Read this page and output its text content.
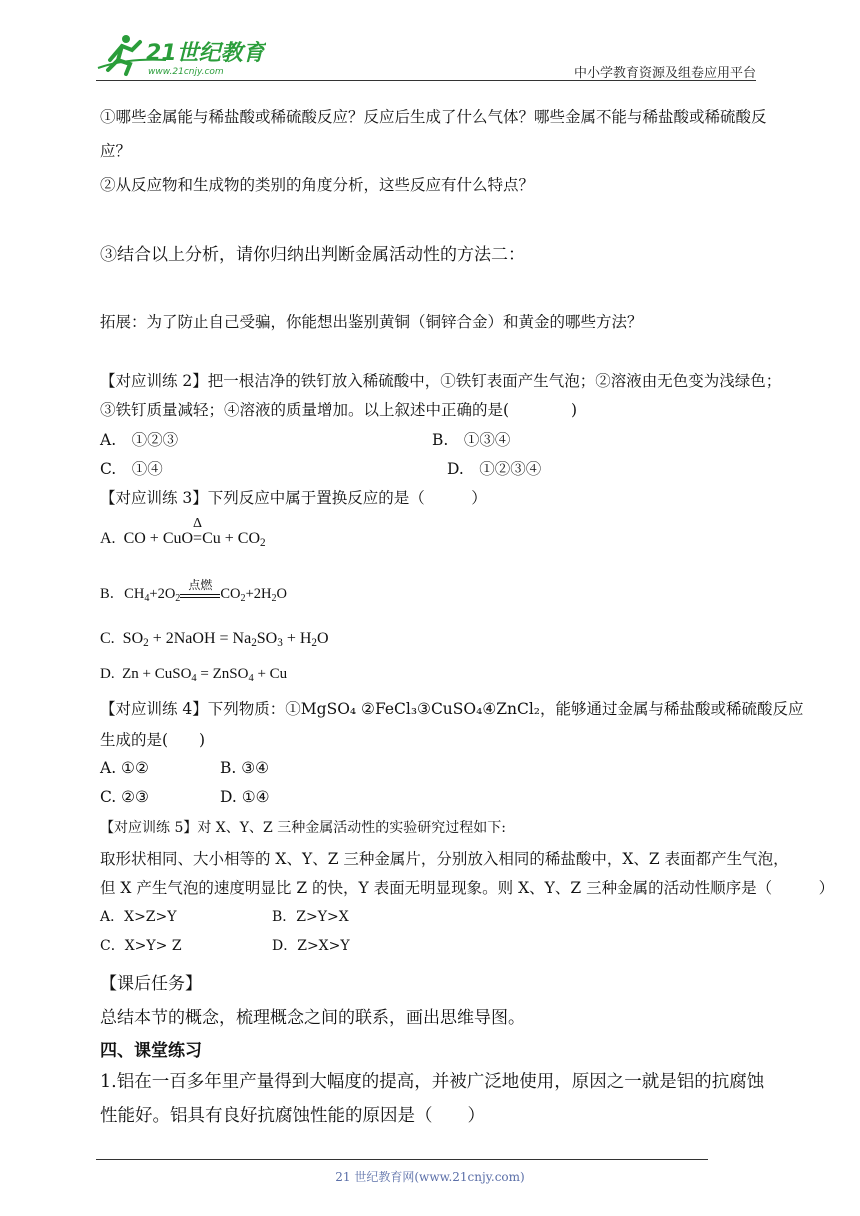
21世纪教育
www.21cnjy.com	中小学教育资源及组卷应用平台
①哪些金属能与稀盐酸或稀硫酸反应？反应后生成了什么气体？哪些金属不能与稀盐酸或稀硫酸反
应？
②从反应物和生成物的类别的角度分析，这些反应有什么特点？
③结合以上分析，请你归纳出判断金属活动性的方法二：
拓展：为了防止自己受骗，你能想出鉴别黄铜（铜锌合金）和黄金的哪些方法？
【对应训练 2】把一根洁净的铁钉放入稀硫酸中，①铁钉表面产生气泡；②溶液由无色变为浅绿色；
③铁钉质量减轻；④溶液的质量增加。以上叙述中正确的是(　　　　)
A.　①②③	B.　①③④
C.　①④	D.　①②③④
【对应训练 3】下列反应中属于置换反应的是（　　　）
A. CO + CuO=
Δ
$Cu + CO_2$
B．$CH_4+2O_2$
点燃
$CO_2+2H_2O$
C.  $SO_2$ + 2NaOH = $Na_2SO_3 + H_2O$
D. Zn + CuSO$_4$ = ZnSO$_4$ + Cu
【对应训练 4】下列物质：①MgSO₄ ②FeCl₃③CuSO₄④ZnCl₂，能够通过金属与稀盐酸或稀硫酸反应
生成的是(　　)
A. ①②	B. ③④
C. ②③	D. ①④
【对应训练 5】对 X、Y、Z 三种金属活动性的实验研究过程如下:
取形状相同、大小相等的 X、Y、Z 三种金属片，分别放入相同的稀盐酸中，X、Z 表面都产生气泡，
但 X 产生气泡的速度明显比 Z 的快，Y 表面无明显现象。则 X、Y、Z 三种金属的活动性顺序是（　　　）
A．X>Z>Y	B．Z>Y>X
C．X>Y> Z	D．Z>X>Y
【课后任务】
总结本节的概念，梳理概念之间的联系，画出思维导图。
四、课堂练习
1.铝在一百多年里产量得到大幅度的提高，并被广泛地使用，原因之一就是铝的抗腐蚀
性能好。铝具有良好抗腐蚀性能的原因是（　　）
21 世纪教育网(www.21cnjy.com)
